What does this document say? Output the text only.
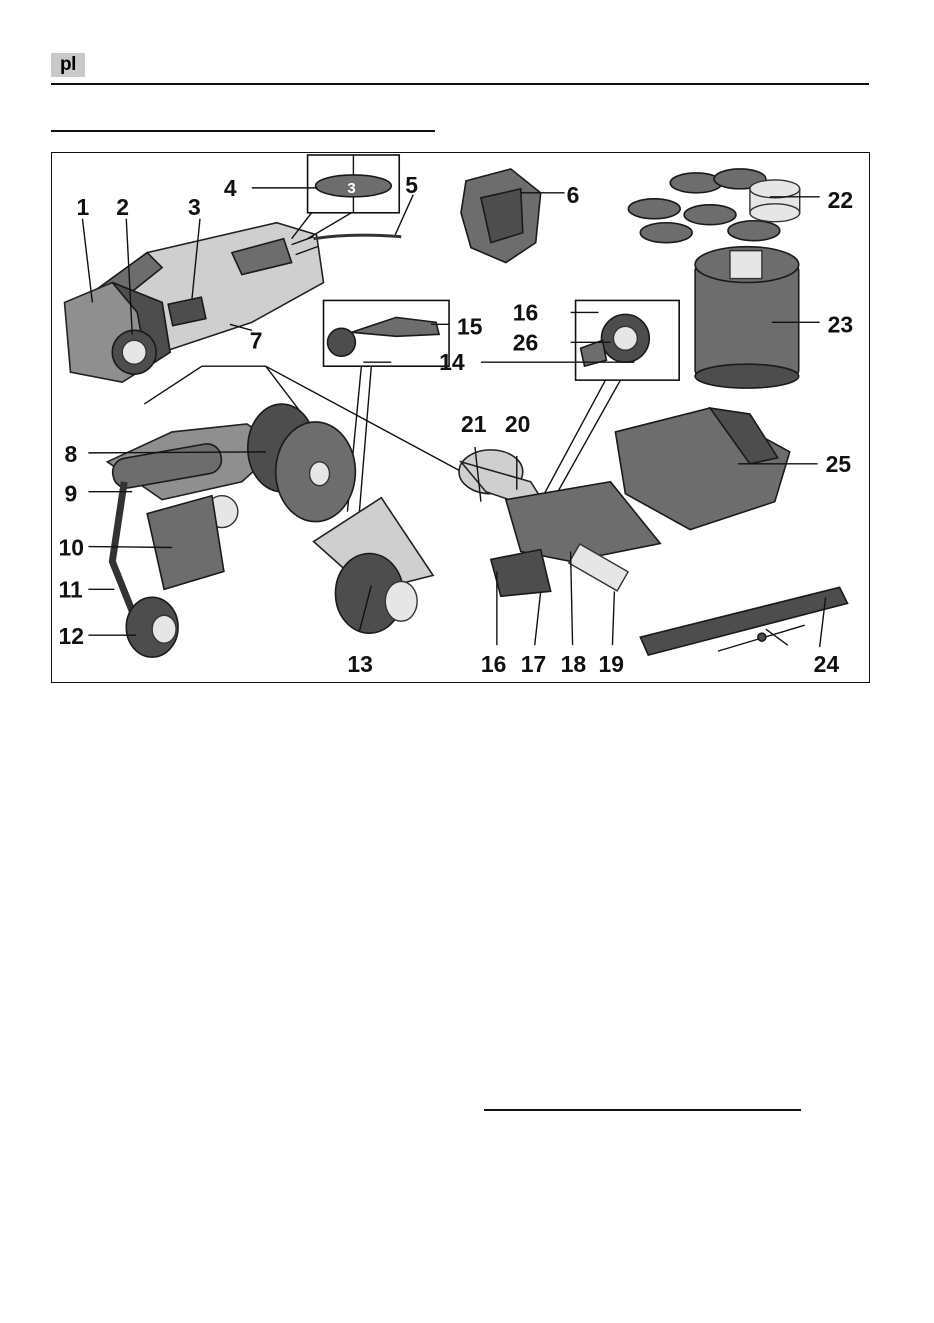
pl
3
1 2	3
4	5	6
7
8
9
10
11
12
13
14
15
16
16 17 18 19
20
21
22
23
24
25
26
